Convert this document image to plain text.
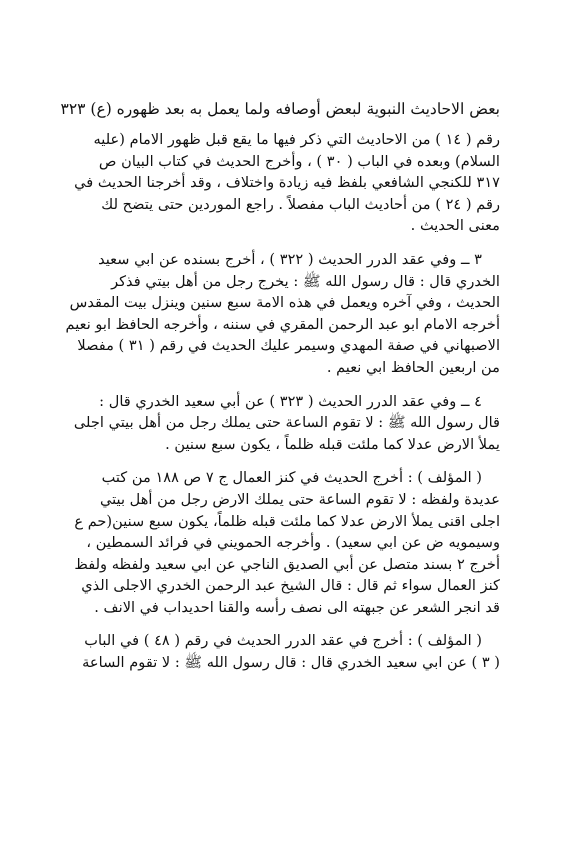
بعض الاحاديث النبوية لبعض أوصافه ولما يعمل به بعد ظهوره (ع) ٣٢٣

رقم ( ١٤ ) من الاحاديث التي ذكر فيها ما يقع قبل ظهور الامام (عليه
السلام) وبعده في الباب ( ٣٠ ) ، وأخرج الحديث في كتاب البيان ص
٣١٧ للكنجي الشافعي بلفظ فيه زيادة واختلاف ، وقد أخرجنا الحديث في
رقم ( ٢٤ ) من أحاديث الباب مفصلاً . راجع الموردين حتى يتضح لك
معنى الحديث .

٣ ــ وفي عقد الدرر الحديث ( ٣٢٢ ) ، أخرج بسنده عن ابي سعيد
الخدري قال : قال رسول الله ﷺ : يخرج رجل من أهل بيتي فذكر
الحديث ، وفي آخره ويعمل في هذه الامة سبع سنين وينزل بيت المقدس
أخرجه الامام ابو عبد الرحمن المقري في سننه ، وأخرجه الحافظ ابو نعيم
الاصبهاني في صفة المهدي وسيمر عليك الحديث في رقم ( ٣١ ) مفصلا
من اربعين الحافظ ابي نعيم .

٤ ــ وفي عقد الدرر الحديث ( ٣٢٣ ) عن أبي سعيد الخدري قال :
قال رسول الله ﷺ : لا تقوم الساعة حتى يملك رجل من أهل بيتي اجلى
يملأ الارض عدلا كما ملئت قبله ظلماً ، يكون سبع سنين .

( المؤلف ) : أخرج الحديث في كنز العمال ج ٧ ص ١٨٨ من كتب
عديدة ولفظه : لا تقوم الساعة حتى يملك الارض رجل من أهل بيتي
اجلى اقنى يملأ الارض عدلا كما ملئت قبله ظلماً، يكون سبع سنين(حم ع
وسيمويه ض عن ابي سعيد) . وأخرجه الحمويني في فرائد السمطين ،
أخرج ٢ بسند متصل عن أبي الصديق الناجي عن ابي سعيد ولفظه ولفظ
كنز العمال سواء ثم قال : قال الشيخ عبد الرحمن الخدري الاجلى الذي
قد انجر الشعر عن جبهته الى نصف رأسه والقنا احديداب في الانف .

( المؤلف ) : أخرج في عقد الدرر الحديث في رقم ( ٤٨ ) في الباب
( ٣ ) عن ابي سعيد الخدري قال : قال رسول الله ﷺ : لا تقوم الساعة
